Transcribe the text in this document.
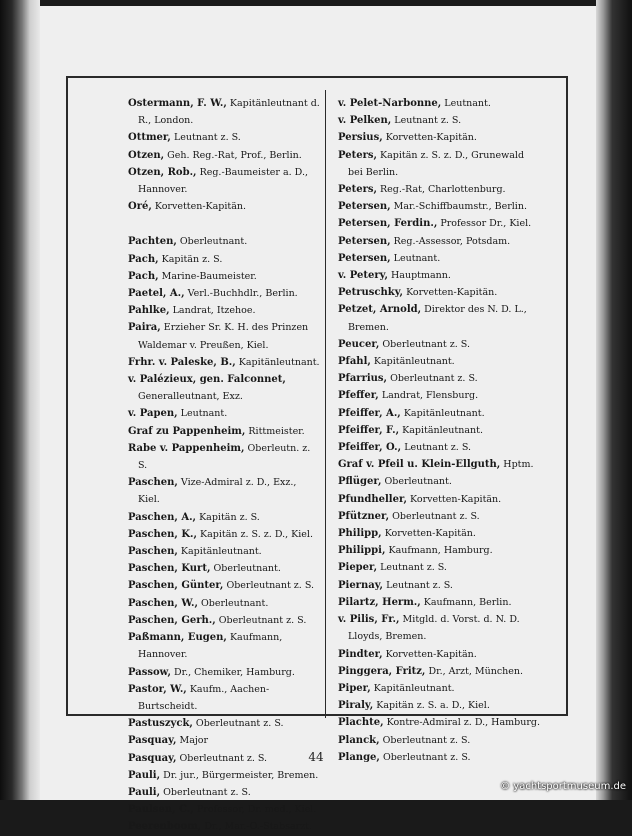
Ostermann, F. W., Kapitänleutnant d. R., London.
Ottmer, Leutnant z. S.
Otzen, Geh. Reg.-Rat, Prof., Berlin.
Otzen, Rob., Reg.-Baumeister a. D., Hannover.
Oré, Korvetten-Kapitän.
Pachten, Oberleutnant.
Pach, Kapitän z. S.
Pach, Marine-Baumeister.
Paetel, A., Verl.-Buchhdlr., Berlin.
Pahlke, Landrat, Itzehoe.
Paira, Erzieher Sr. K. H. des Prinzen Waldemar v. Preußen, Kiel.
Frhr. v. Paleske, B., Kapitänleutnant.
v. Palézieux, gen. Falconnet, Generalleutnant, Exz.
v. Papen, Leutnant.
Graf zu Pappenheim, Rittmeister.
Rabe v. Pappenheim, Oberleutn. z. S.
Paschen, Vize-Admiral z. D., Exz., Kiel.
Paschen, A., Kapitän z. S.
Paschen, K., Kapitän z. S. z. D., Kiel.
Paschen, Kapitänleutnant.
Paschen, Kurt, Oberleutnant.
Paschen, Günter, Oberleutnant z. S.
Paschen, W., Oberleutnant.
Paschen, Gerh., Oberleutnant z. S.
Paßmann, Eugen, Kaufmann, Hannover.
Passow, Dr., Chemiker, Hamburg.
Pastor, W., Kaufm., Aachen-Burtscheidt.
Pastuszyck, Oberleutnant z. S.
Pasquay, Major
Pasquay, Oberleutnant z. S.
Pauli, Dr. jur., Bürgermeister, Bremen.
Pauli, Oberleutnant z. S.
Paulsen, C., Professor, Dr. med., Kiel.
Peerenboom, Dr., Mar.-O.-Stabsarzt.
v. Pelet-Narbonne, Leutnant.
v. Pelken, Leutnant z. S.
Persius, Korvetten-Kapitän.
Peters, Kapitän z. S. z. D., Grunewald bei Berlin.
Peters, Reg.-Rat, Charlottenburg.
Petersen, Mar.-Schiffbaumstr., Berlin.
Petersen, Ferdin., Professor Dr., Kiel.
Petersen, Reg.-Assessor, Potsdam.
Petersen, Leutnant.
v. Petery, Hauptmann.
Petruschky, Korvetten-Kapitän.
Petzet, Arnold, Direktor des N. D. L., Bremen.
Peucer, Oberleutnant z. S.
Pfahl, Kapitänleutnant.
Pfarrius, Oberleutnant z. S.
Pfeffer, Landrat, Flensburg.
Pfeiffer, A., Kapitänleutnant.
Pfeiffer, F., Kapitänleutnant.
Pfeiffer, O., Leutnant z. S.
Graf v. Pfeil u. Klein-Ellguth, Hptm.
Pflüger, Oberleutnant.
Pfundheller, Korvetten-Kapitän.
Pfützner, Oberleutnant z. S.
Philipp, Korvetten-Kapitän.
Philippi, Kaufmann, Hamburg.
Pieper, Leutnant z. S.
Piernay, Leutnant z. S.
Pilartz, Herm., Kaufmann, Berlin.
v. Pilis, Fr., Mitgld. d. Vorst. d. N. D. Lloyds, Bremen.
Pindter, Korvetten-Kapitän.
Pinggera, Fritz, Dr., Arzt, München.
Piper, Kapitänleutnant.
Piraly, Kapitän z. S. a. D., Kiel.
Plachte, Kontre-Admiral z. D., Hamburg.
Planck, Oberleutnant z. S.
Plange, Oberleutnant z. S.
44
© yachtsportmuseum.de
